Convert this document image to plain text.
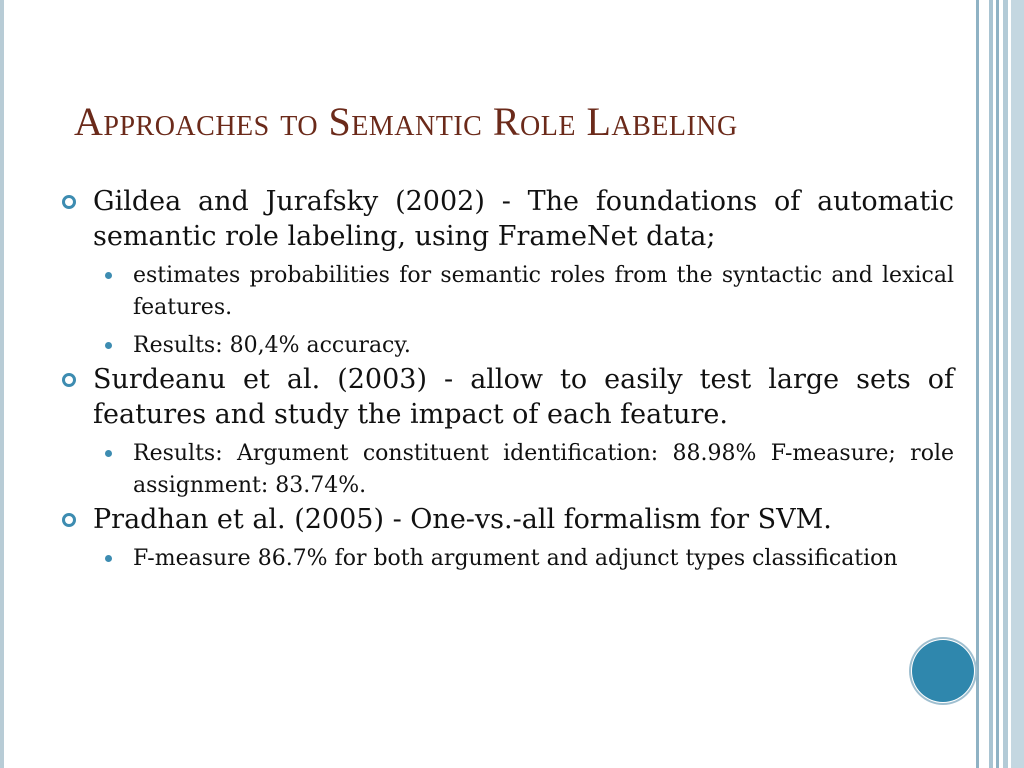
Approaches to Semantic Role Labeling
Gildea and Jurafsky (2002) - The foundations of automatic semantic role labeling, using FrameNet data;
estimates probabilities for semantic roles from the syntactic and lexical features.
Results: 80,4% accuracy.
Surdeanu et al. (2003) - allow to easily test large sets of features and study the impact of each feature.
Results: Argument constituent identification: 88.98% F-measure; role assignment: 83.74%.
Pradhan et al. (2005) - One-vs.-all formalism for SVM.
F-measure 86.7% for both argument and adjunct types classification
